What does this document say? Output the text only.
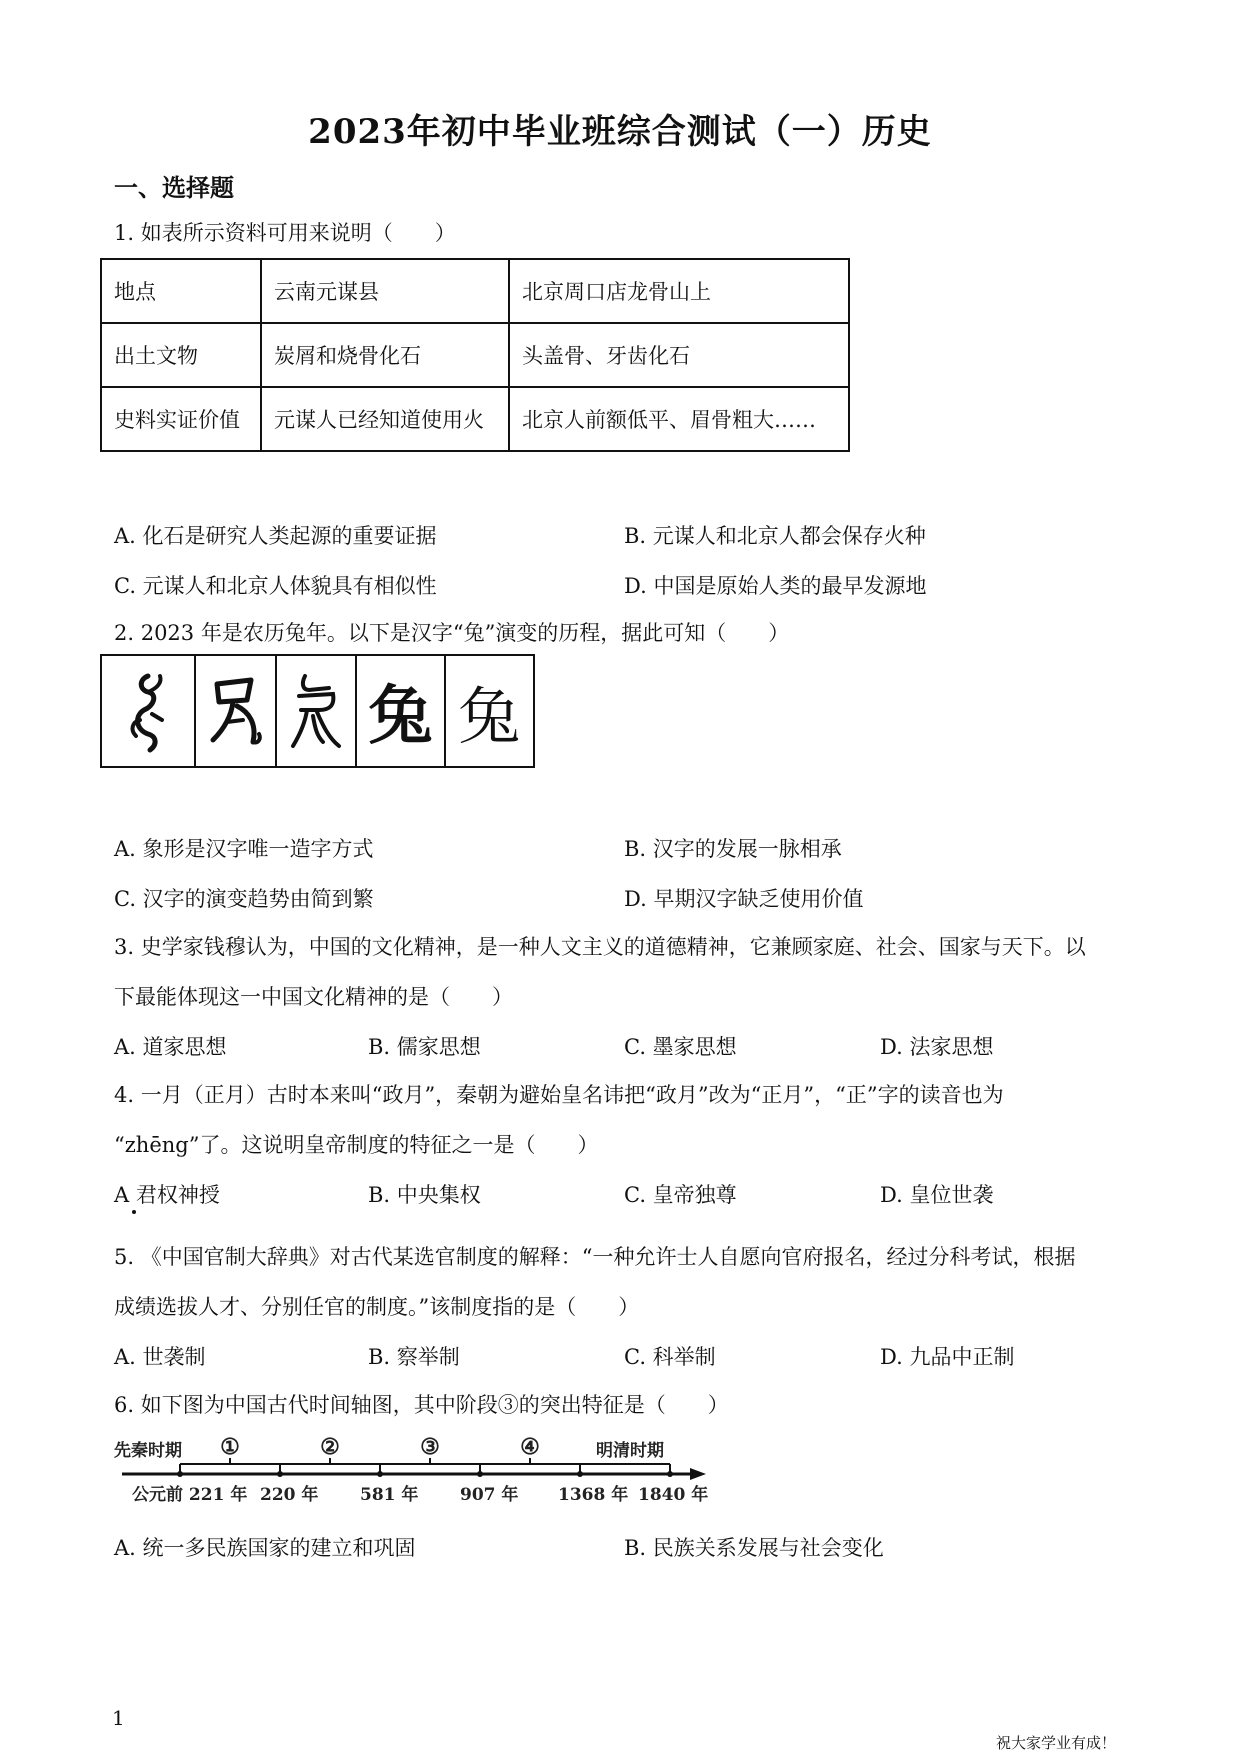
2023年初中毕业班综合测试（一）历史
一、选择题
1. 如表所示资料可用来说明（　　）
地点	云南元谋县	北京周口店龙骨山上
出土文物	炭屑和烧骨化石	头盖骨、牙齿化石
史料实证价值	元谋人已经知道使用火	北京人前额低平、眉骨粗大……
A. 化石是研究人类起源的重要证据	B. 元谋人和北京人都会保存火种
C. 元谋人和北京人体貌具有相似性	D. 中国是原始人类的最早发源地
2. 2023 年是农历兔年。以下是汉字“兔”演变的历程，据此可知（　　）
兔 兔
A. 象形是汉字唯一造字方式	B. 汉字的发展一脉相承
C. 汉字的演变趋势由简到繁	D. 早期汉字缺乏使用价值
3. 史学家钱穆认为，中国的文化精神，是一种人文主义的道德精神，它兼顾家庭、社会、国家与天下。以
下最能体现这一中国文化精神的是（　　）
A. 道家思想	B. 儒家思想	C. 墨家思想	D. 法家思想
4. 一月（正月）古时本来叫“政月”，秦朝为避始皇名讳把“政月”改为“正月”，“正”字的读音也为
“zhēng”了。这说明皇帝制度的特征之一是（　　）
A 君权神授	B. 中央集权	C. 皇帝独尊	D. 皇位世袭
5. 《中国官制大辞典》对古代某选官制度的解释：“一种允许士人自愿向官府报名，经过分科考试，根据
成绩选拔人才、分别任官的制度。”该制度指的是（　　）
A. 世袭制	B. 察举制	C. 科举制	D. 九品中正制
6. 如下图为中国古代时间轴图，其中阶段③的突出特征是（　　）
先秦时期	明清时期
①	②	③	④
公元前 221 年 220 年 581 年 907 年 1368 年 1840 年
A. 统一多民族国家的建立和巩固	B. 民族关系发展与社会变化
1
祝大家学业有成！
